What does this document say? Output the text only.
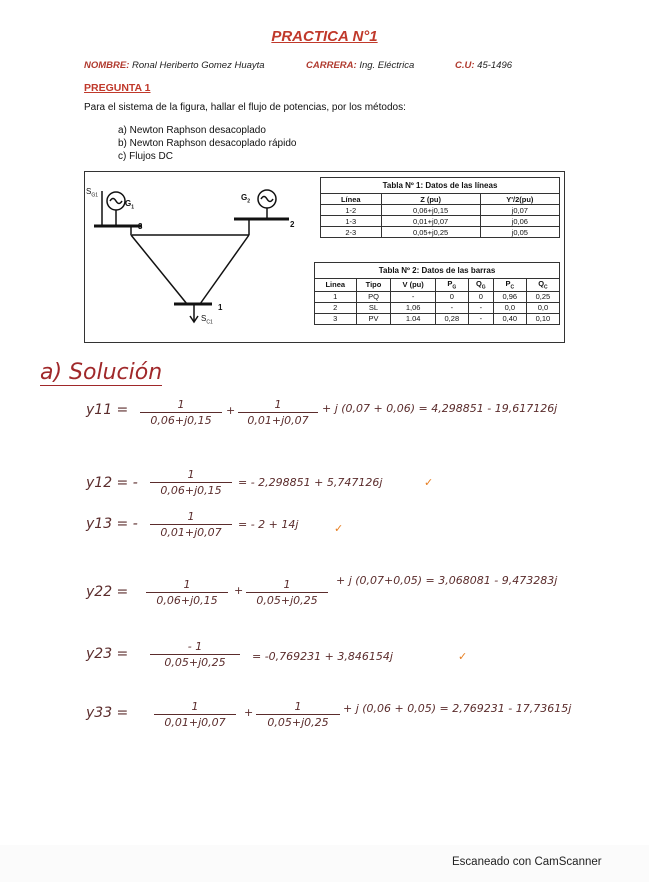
PRACTICA N°1
NOMBRE: Ronal Heriberto Gomez Huayta	CARRERA: Ing. Eléctrica	C.U: 45-1496
PREGUNTA 1
Para el sistema de la figura, hallar el flujo de potencias, por los métodos:
a) Newton Raphson desacoplado
b) Newton Raphson desacoplado rápido
c) Flujos DC
$S_{G1}$
$G_1$
$G_2$
2
3
1
$S_{C1}$
Tabla Nº 1: Datos de las líneas		
Línea	Z (pu)	Y'/2(pu)
1-2	0,06+j0,15	j0,07
1-3	0,01+j0,07	j0,06
2-3	0,05+j0,25	j0,05
Tabla Nº 2: Datos de las barras						
Linea	Tipo	V (pu)	$P_G$	$Q_G$	$P_C$	$Q_C$
1	PQ	-	0	0	0,96	0,25
2	SL	1,06	-	-	0,0	0,0
3	PV	1.04	0,28	-	0,40	0,10
a) Solución
$y11 = \frac{1}{0,06+j0,15} + \frac{1}{0,01+j0,07} + j$ (0,07 + 0,06) = 4,298851 - 19,617126j
y12 = - $\frac{1}{0,06+j0,15}$ = - 2,298851 + 5,747126j	✓
y13 = - $\frac{1}{0,01+j0,07}$ = - 2 + 14j	✓
$y22 = \frac{1}{0,06+j0,15} + \frac{1}{0,05+j0,25} + j$ (0,07+0,05) = 3,068081 - 9,473283j
$y23 = \frac{- 1}{0,05+j0,25} = -0,769231 + 3,846154j$	✓
$y33 = \frac{1}{0,01+j0,07} + \frac{1}{0,05+j0,25} + j$ (0,06 + 0,05) = 2,769231 - 17,73615j
Escaneado con CamScanner
